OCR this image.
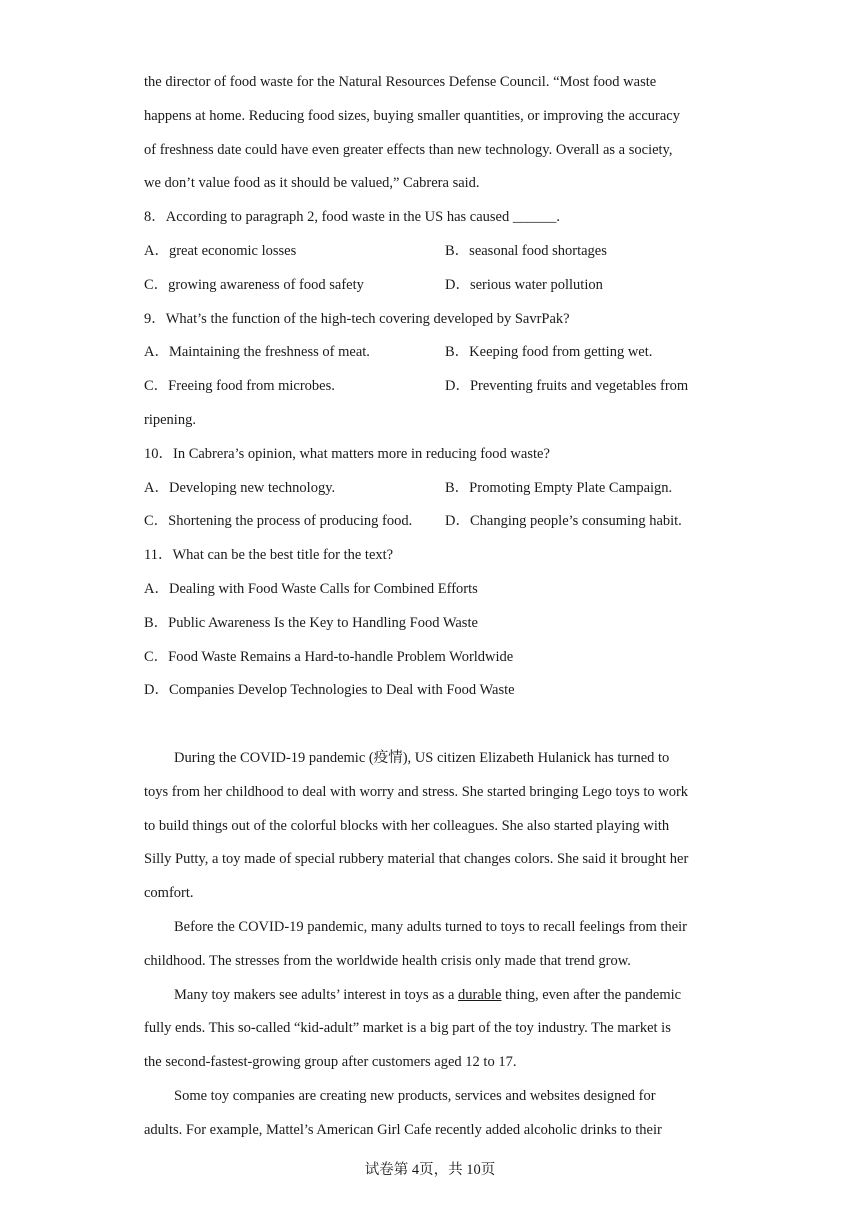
the director of food waste for the Natural Resources Defense Council. “Most food waste
happens at home. Reducing food sizes, buying smaller quantities, or improving the accuracy
of freshness date could have even greater effects than new technology. Overall as a society,
we don’t value food as it should be valued,” Cabrera said.
8．According to paragraph 2, food waste in the US has caused ______.
A．great economic losses	B．seasonal food shortages
C．growing awareness of food safety	D．serious water pollution
9．What’s the function of the high-tech covering developed by SavrPak?
A．Maintaining the freshness of meat.	B．Keeping food from getting wet.
C．Freeing food from microbes.	D．Preventing fruits and vegetables from
ripening.
10．In Cabrera’s opinion, what matters more in reducing food waste?
A．Developing new technology.	B．Promoting Empty Plate Campaign.
C．Shortening the process of producing food.	D．Changing people’s consuming habit.
11．What can be the best title for the text?
A．Dealing with Food Waste Calls for Combined Efforts
B．Public Awareness Is the Key to Handling Food Waste
C．Food Waste Remains a Hard-to-handle Problem Worldwide
D．Companies Develop Technologies to Deal with Food Waste
During the COVID-19 pandemic (疫情), US citizen Elizabeth Hulanick has turned to
toys from her childhood to deal with worry and stress. She started bringing Lego toys to work
to build things out of the colorful blocks with her colleagues. She also started playing with
Silly Putty, a toy made of special rubbery material that changes colors. She said it brought her
comfort.
Before the COVID-19 pandemic, many adults turned to toys to recall feelings from their
childhood. The stresses from the worldwide health crisis only made that trend grow.
Many toy makers see adults’ interest in toys as a durable thing, even after the pandemic
fully ends. This so-called “kid-adult” market is a big part of the toy industry. The market is
the second-fastest-growing group after customers aged 12 to 17.
Some toy companies are creating new products, services and websites designed for
adults. For example, Mattel’s American Girl Cafe recently added alcoholic drinks to their
试卷第 4页，共 10页
